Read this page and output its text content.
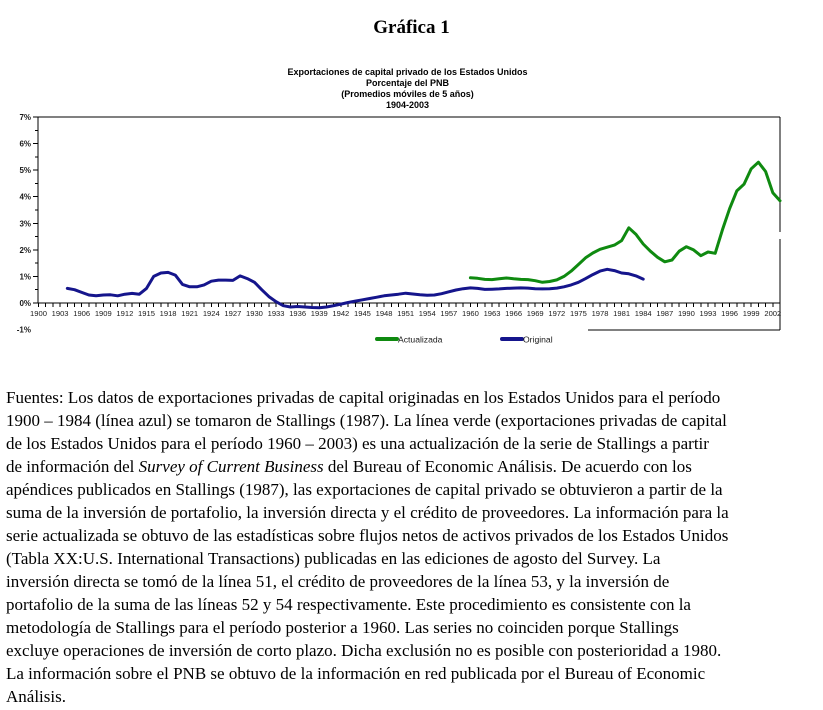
Gráfica 1
Exportaciones de capital privado de los Estados Unidos
Porcentaje del PNB
(Promedios móviles de 5 años)
1904-2003
7%
6%
5%
4%
3%
2%
1%
0%
-1%
1900 1903 1906 1909 1912 1915 1918 1921 1924 1927 1930 1933 1936 1939 1942 1945 1948 1951 1954 1957 1960 1963 1966 1969 1972 1975 1978 1981 1984 1987 1990 1993 1996 1999 2002
Actualizada	Original
Fuentes: Los datos de exportaciones privadas de capital originadas en los Estados Unidos para el período
1900 – 1984 (línea azul) se tomaron de Stallings (1987). La línea verde (exportaciones privadas de capital
de los Estados Unidos para el período 1960 – 2003) es una actualización de la serie de Stallings a partir
de información del Survey of Current Business del Bureau of Economic Análisis. De acuerdo con los
apéndices publicados en Stallings (1987), las exportaciones de capital privado se obtuvieron a partir de la
suma de la inversión de portafolio, la inversión directa y el crédito de proveedores. La información para la
serie actualizada se obtuvo de las estadísticas sobre flujos netos de activos privados de los Estados Unidos
(Tabla XX:U.S. International Transactions) publicadas en las ediciones de agosto del Survey. La
inversión directa se tomó de la línea 51, el crédito de proveedores de la línea 53, y la inversión de
portafolio de la suma de las líneas 52 y 54 respectivamente. Este procedimiento es consistente con la
metodología de Stallings para el período posterior a 1960. Las series no coinciden porque Stallings
excluye operaciones de inversión de corto plazo. Dicha exclusión no es posible con posterioridad a 1980.
La información sobre el PNB se obtuvo de la información en red publicada por el Bureau of Economic
Análisis.
